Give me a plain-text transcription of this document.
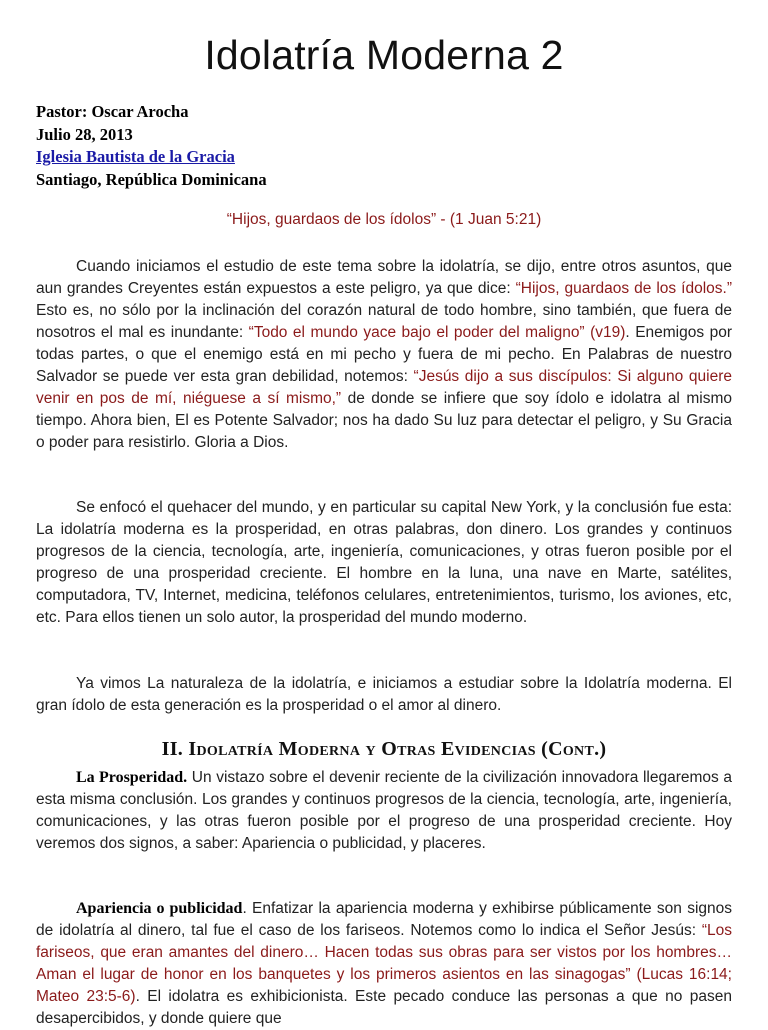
Idolatría Moderna 2
Pastor: Oscar Arocha
Julio 28, 2013
Iglesia Bautista de la Gracia
Santiago, República Dominicana
“Hijos, guardaos de los ídolos” - (1 Juan 5:21)
Cuando iniciamos el estudio de este tema sobre la idolatría, se dijo, entre otros asuntos, que aun grandes Creyentes están expuestos a este peligro, ya que dice: “Hijos, guardaos de los ídolos.” Esto es, no sólo por la inclinación del corazón natural de todo hombre, sino también, que fuera de nosotros el mal es inundante: “Todo el mundo yace bajo el poder del maligno” (v19). Enemigos por todas partes, o que el enemigo está en mi pecho y fuera de mi pecho. En Palabras de nuestro Salvador se puede ver esta gran debilidad, notemos: “Jesús dijo a sus discípulos: Si alguno quiere venir en pos de mí, niéguese a sí mismo,” de donde se infiere que soy ídolo e idolatra al mismo tiempo. Ahora bien, El es Potente Salvador; nos ha dado Su luz para detectar el peligro, y Su Gracia o poder para resistirlo. Gloria a Dios.
Se enfocó el quehacer del mundo, y en particular su capital New York, y la conclusión fue esta: La idolatría moderna es la prosperidad, en otras palabras, don dinero. Los grandes y continuos progresos de la ciencia, tecnología, arte, ingeniería, comunicaciones, y otras fueron posible por el progreso de una prosperidad creciente. El hombre en la luna, una nave en Marte, satélites, computadora, TV, Internet, medicina, teléfonos celulares, entretenimientos, turismo, los aviones, etc, etc. Para ellos tienen un solo autor, la prosperidad del mundo moderno.
Ya vimos La naturaleza de la idolatría, e iniciamos a estudiar sobre la Idolatría moderna. El gran ídolo de esta generación es la prosperidad o el amor al dinero.
II. Idolatría Moderna y Otras Evidencias (Cont.)
La Prosperidad. Un vistazo sobre el devenir reciente de la civilización innovadora llegaremos a esta misma conclusión. Los grandes y continuos progresos de la ciencia, tecnología, arte, ingeniería, comunicaciones, y las otras fueron posible por el progreso de una prosperidad creciente. Hoy veremos dos signos, a saber: Apariencia o publicidad, y placeres.
Apariencia o publicidad. Enfatizar la apariencia moderna y exhibirse públicamente son signos de idolatría al dinero, tal fue el caso de los fariseos. Notemos como lo indica el Señor Jesús: “Los fariseos, que eran amantes del dinero… Hacen todas sus obras para ser vistos por los hombres…Aman el lugar de honor en los banquetes y los primeros asientos en las sinagogas” (Lucas 16:14; Mateo 23:5-6). El idolatra es exhibicionista. Este pecado conduce las personas a que no pasen desapercibidos, y donde quiere que
